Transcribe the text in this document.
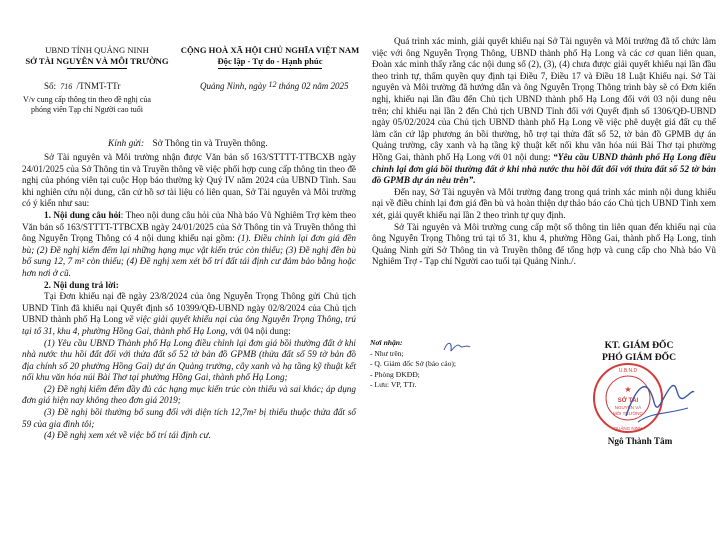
UBND TỈNH QUẢNG NINH
SỞ TÀI NGUYÊN VÀ MÔI TRƯỜNG
CỘNG HOÀ XÃ HỘI CHỦ NGHĨA VIỆT NAM
Độc lập - Tự do - Hạnh phúc
Số: 716 /TNMT-TTr	Quảng Ninh, ngày 12 tháng 02 năm 2025
V/v cung cấp thông tin theo đề nghị của phóng viên Tạp chí Người cao tuổi
Kính gửi: Sở Thông tin và Truyền thông.

Sở Tài nguyên và Môi trường nhận được Văn bản số 163/STTTT-TTBCXB ngày 24/01/2025 của Sở Thông tin và Truyền thông về việc phối hợp cung cấp thông tin theo đề nghị của phóng viên tại cuộc Họp báo thường kỳ Quý IV năm 2024 của UBND Tỉnh. Sau khi nghiên cứu nội dung, căn cứ hồ sơ tài liệu có liên quan, Sở Tài nguyên và Môi trường có ý kiến như sau:

1. Nội dung câu hỏi: Theo nội dung câu hỏi của Nhà báo Vũ Nghiêm Trợ kèm theo Văn bản số 163/STTTT-TTBCXB ngày 24/01/2025 của Sở Thông tin và Truyền thông thì ông Nguyễn Trọng Thông có 4 nội dung khiếu nại gồm: (1). Điều chỉnh lại đơn giá đền bù; (2) Đề nghị kiểm đếm lại những hạng mục vật kiến trúc còn thiếu; (3) Đề nghị đền bù bổ sung 12, 7 m² còn thiếu; (4) Đề nghị xem xét bố trí đất tái định cư đảm bảo bằng hoặc hơn nơi ở cũ.

2. Nội dung trả lời:

Tại Đơn khiếu nại đề ngày 23/8/2024 của ông Nguyễn Trọng Thông gửi Chủ tịch UBND Tỉnh đã khiếu nại Quyết định số 10399/QĐ-UBND ngày 02/8/2024 của Chủ tịch UBND thành phố Hạ Long về việc giải quyết khiếu nại của ông Nguyễn Trọng Thông, trú tại tổ 31, khu 4, phường Hồng Gai, thành phố Hạ Long, với 04 nội dung:

(1) Yêu cầu UBND Thành phố Hạ Long điều chỉnh lại đơn giá bồi thường đất ở khi nhà nước thu hồi đất đối với thửa đất số 52 tờ bản đồ GPMB (thửa đất số 59 tờ bản đồ địa chính số 20 phường Hồng Gai) dự án Quảng trường, cây xanh và hạ tầng kỹ thuật kết nối khu văn hóa núi Bài Thơ tại phường Hồng Gai, thành phố Hạ Long;

(2) Đề nghị kiểm đếm đầy đủ các hạng mục kiến trúc còn thiếu và sai khác; áp dụng đơn giá hiện nay không theo đơn giá 2019;

(3) Đề nghị bồi thường bổ sung đối với diện tích 12,7m² bị thiếu thuộc thửa đất số 59 của gia đình tôi;

(4) Đề nghị xem xét về việc bố trí tái định cư.

Quá trình xác minh, giải quyết khiếu nại Sở Tài nguyên và Môi trường đã tổ chức làm việc với ông Nguyễn Trọng Thông, UBND thành phố Hạ Long và các cơ quan liên quan, Đoàn xác minh thấy rằng các nội dung số (2), (3), (4) chưa được giải quyết khiếu nại lần đầu theo trình tự, thẩm quyền quy định tại Điều 7, Điều 17 và Điều 18 Luật Khiếu nại. Sở Tài nguyên và Môi trường đã hướng dẫn và ông Nguyễn Trọng Thông trình bày sẽ có Đơn kiến nghị, khiếu nại lần đầu đến Chủ tịch UBND thành phố Hạ Long đối với 03 nội dung nêu trên; chỉ khiếu nại lần 2 đến Chủ tịch UBND Tỉnh đối với Quyết định số 1306/QĐ-UBND ngày 05/02/2024 của Chủ tịch UBND thành phố Hạ Long về việc phê duyệt giá đất cụ thể làm căn cứ lập phương án bồi thường, hỗ trợ tại thửa đất số 52, tờ bản đồ GPMB dự án Quảng trường, cây xanh và hạ tầng kỹ thuật kết nối khu văn hóa núi Bài Thơ tại phường Hồng Gai, thành phố Hạ Long với 01 nội dung: “Yêu cầu UBND thành phố Hạ Long điều chỉnh lại đơn giá bồi thường đất ở khi nhà nước thu hồi đất đối với thửa đất số 52 tờ bản đồ GPMB dự án nêu trên”.

Đến nay, Sở Tài nguyên và Môi trường đang trong quá trình xác minh nội dung khiếu nại về điều chỉnh lại đơn giá đền bù và hoàn thiện dự thảo báo cáo Chủ tịch UBND Tỉnh xem xét, giải quyết khiếu nại lần 2 theo trình tự quy định.

Sở Tài nguyên và Môi trường cung cấp một số thông tin liên quan đến khiếu nại của ông Nguyễn Trọng Thông trú tại tổ 31, khu 4, phường Hồng Gai, thành phố Hạ Long, tỉnh Quảng Ninh gửi Sở Thông tin và Truyền thông để tổng hợp và cung cấp cho Nhà báo Vũ Nghiêm Trợ - Tạp chí Người cao tuổi tại Quảng Ninh./.

Nơi nhận:
- Như trên;
- Q. Giám đốc Sở (báo cáo);
- Phòng ĐKĐĐ;
- Lưu: VP, TTr.
KT. GIÁM ĐỐC
PHÓ GIÁM ĐỐC
SỞ TÀI
NGUYÊN VÀ
MÔI TRƯỜNG
U.B.N.D
QUẢNG NINH
★
Ngô Thành Tâm
